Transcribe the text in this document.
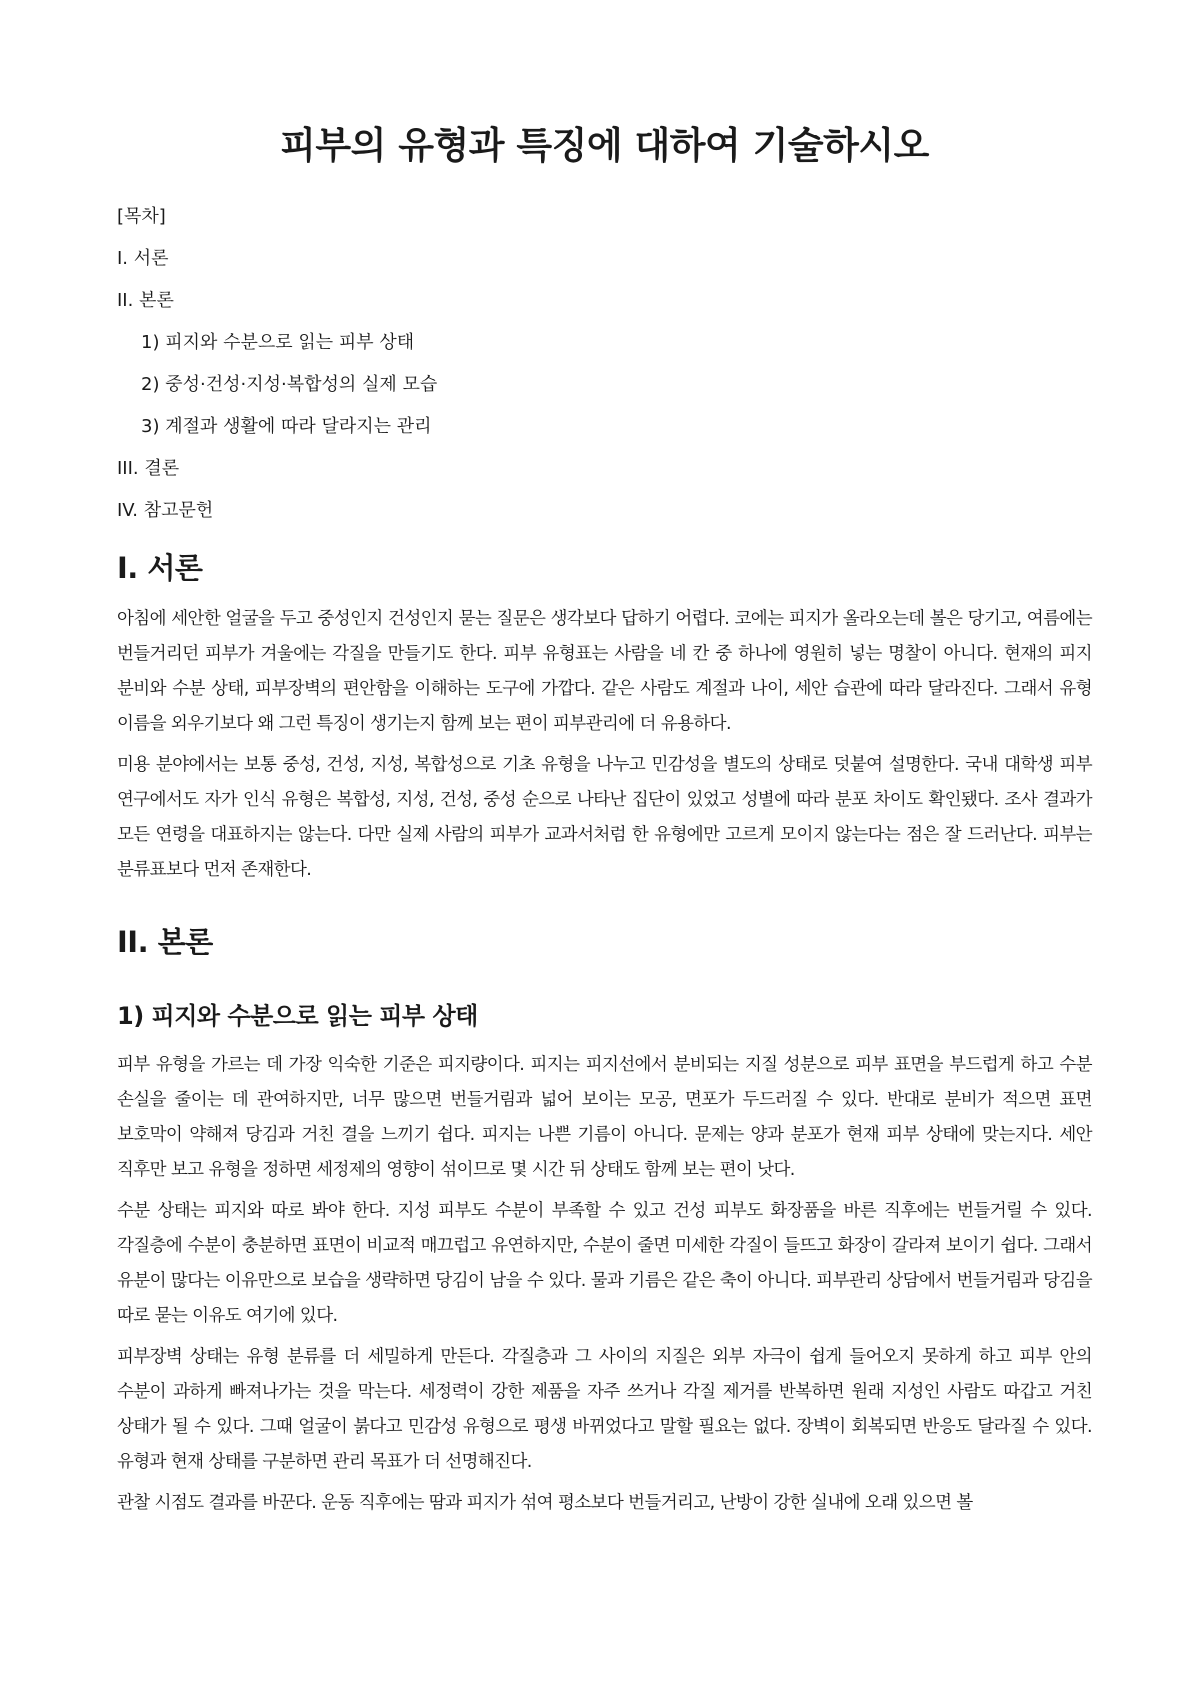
피부의 유형과 특징에 대하여 기술하시오
[목차]
I. 서론
II. 본론
1) 피지와 수분으로 읽는 피부 상태
2) 중성·건성·지성·복합성의 실제 모습
3) 계절과 생활에 따라 달라지는 관리
III. 결론
IV. 참고문헌
I. 서론

아침에 세안한 얼굴을 두고 중성인지 건성인지 묻는 질문은 생각보다 답하기 어렵다. 코에는 피지가 올라오는데 볼은 당기고, 여름에는 번들거리던 피부가 겨울에는 각질을 만들기도 한다. 피부 유형표는 사람을 네 칸 중 하나에 영원히 넣는 명찰이 아니다. 현재의 피지 분비와 수분 상태, 피부장벽의 편안함을 이해하는 도구에 가깝다. 같은 사람도 계절과 나이, 세안 습관에 따라 달라진다. 그래서 유형 이름을 외우기보다 왜 그런 특징이 생기는지 함께 보는 편이 피부관리에 더 유용하다.

미용 분야에서는 보통 중성, 건성, 지성, 복합성으로 기초 유형을 나누고 민감성을 별도의 상태로 덧붙여 설명한다. 국내 대학생 피부 연구에서도 자가 인식 유형은 복합성, 지성, 건성, 중성 순으로 나타난 집단이 있었고 성별에 따라 분포 차이도 확인됐다. 조사 결과가 모든 연령을 대표하지는 않는다. 다만 실제 사람의 피부가 교과서처럼 한 유형에만 고르게 모이지 않는다는 점은 잘 드러난다. 피부는 분류표보다 먼저 존재한다.

II. 본론
1) 피지와 수분으로 읽는 피부 상태

피부 유형을 가르는 데 가장 익숙한 기준은 피지량이다. 피지는 피지선에서 분비되는 지질 성분으로 피부 표면을 부드럽게 하고 수분 손실을 줄이는 데 관여하지만, 너무 많으면 번들거림과 넓어 보이는 모공, 면포가 두드러질 수 있다. 반대로 분비가 적으면 표면 보호막이 약해져 당김과 거친 결을 느끼기 쉽다. 피지는 나쁜 기름이 아니다. 문제는 양과 분포가 현재 피부 상태에 맞는지다. 세안 직후만 보고 유형을 정하면 세정제의 영향이 섞이므로 몇 시간 뒤 상태도 함께 보는 편이 낫다.

수분 상태는 피지와 따로 봐야 한다. 지성 피부도 수분이 부족할 수 있고 건성 피부도 화장품을 바른 직후에는 번들거릴 수 있다. 각질층에 수분이 충분하면 표면이 비교적 매끄럽고 유연하지만, 수분이 줄면 미세한 각질이 들뜨고 화장이 갈라져 보이기 쉽다. 그래서 유분이 많다는 이유만으로 보습을 생략하면 당김이 남을 수 있다. 물과 기름은 같은 축이 아니다. 피부관리 상담에서 번들거림과 당김을 따로 묻는 이유도 여기에 있다.

피부장벽 상태는 유형 분류를 더 세밀하게 만든다. 각질층과 그 사이의 지질은 외부 자극이 쉽게 들어오지 못하게 하고 피부 안의 수분이 과하게 빠져나가는 것을 막는다. 세정력이 강한 제품을 자주 쓰거나 각질 제거를 반복하면 원래 지성인 사람도 따갑고 거친 상태가 될 수 있다. 그때 얼굴이 붉다고 민감성 유형으로 평생 바뀌었다고 말할 필요는 없다. 장벽이 회복되면 반응도 달라질 수 있다. 유형과 현재 상태를 구분하면 관리 목표가 더 선명해진다.

관찰 시점도 결과를 바꾼다. 운동 직후에는 땀과 피지가 섞여 평소보다 번들거리고, 난방이 강한 실내에 오래 있으면 볼
